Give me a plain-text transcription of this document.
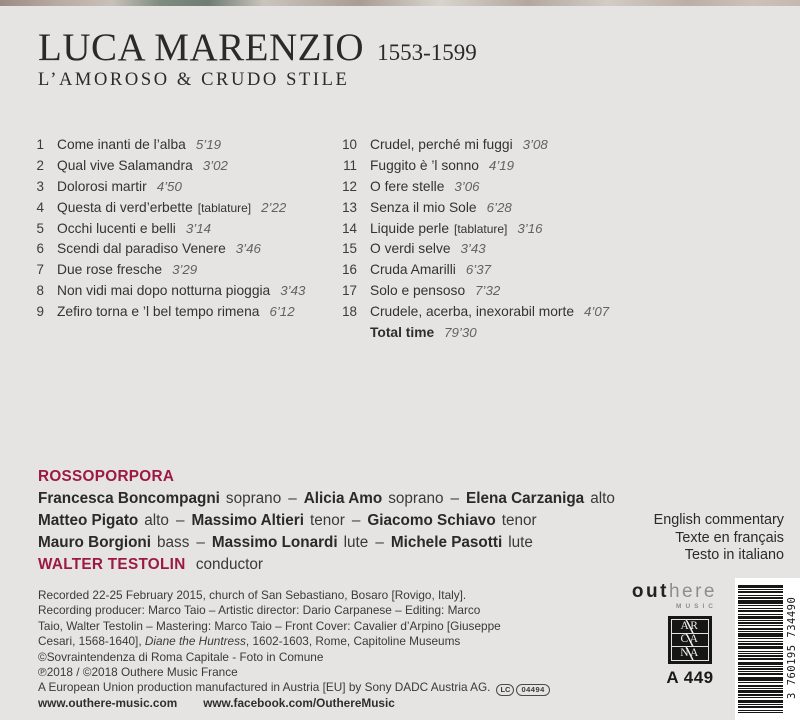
LUCA MARENZIO 1553-1599
L’AMOROSO & CRUDO STILE
1 Come inanti de l’alba 5’19
2 Qual vive Salamandra 3’02
3 Dolorosi martir 4’50
4 Questa di verd’erbette [tablature] 2’22
5 Occhi lucenti e belli 3’14
6 Scendi dal paradiso Venere 3’46
7 Due rose fresche 3’29
8 Non vidi mai dopo notturna pioggia 3’43
9 Zefiro torna e ’l bel tempo rimena 6’12
10 Crudel, perché mi fuggi 3’08
11 Fuggito è ’l sonno 4’19
12 O fere stelle 3’06
13 Senza il mio Sole 6’28
14 Liquide perle [tablature] 3’16
15 O verdi selve 3’43
16 Cruda Amarilli 6’37
17 Solo e pensoso 7’32
18 Crudele, acerba, inexorabil morte 4’07
Total time 79’30
ROSSOPORPORA
Francesca Boncompagni soprano – Alicia Amo soprano – Elena Carzaniga alto
Matteo Pigato alto – Massimo Altieri tenor – Giacomo Schiavo tenor
Mauro Borgioni bass – Massimo Lonardi lute – Michele Pasotti lute
WALTER TESTOLIN conductor
English commentary
Texte en français
Testo in italiano
Recorded 22-25 February 2015, church of San Sebastiano, Bosaro [Rovigo, Italy].
Recording producer: Marco Taio – Artistic director: Dario Carpanese – Editing: Marco
Taio, Walter Testolin – Mastering: Marco Taio – Front Cover: Cavalier d’Arpino [Giuseppe
Cesari, 1568-1640], Diane the Huntress, 1602-1603, Rome, Capitoline Museums
©Sovraintendenza di Roma Capitale - Foto in Comune
℗2018 / ©2018 Outhere Music France
A European Union production manufactured in Austria [EU] by Sony DADC Austria AG.	LC	04494
www.outhere-music.com www.facebook.com/OuthereMusic
outhere
MUSIC
AR
CA
NA
A 449	3 760195 734490
